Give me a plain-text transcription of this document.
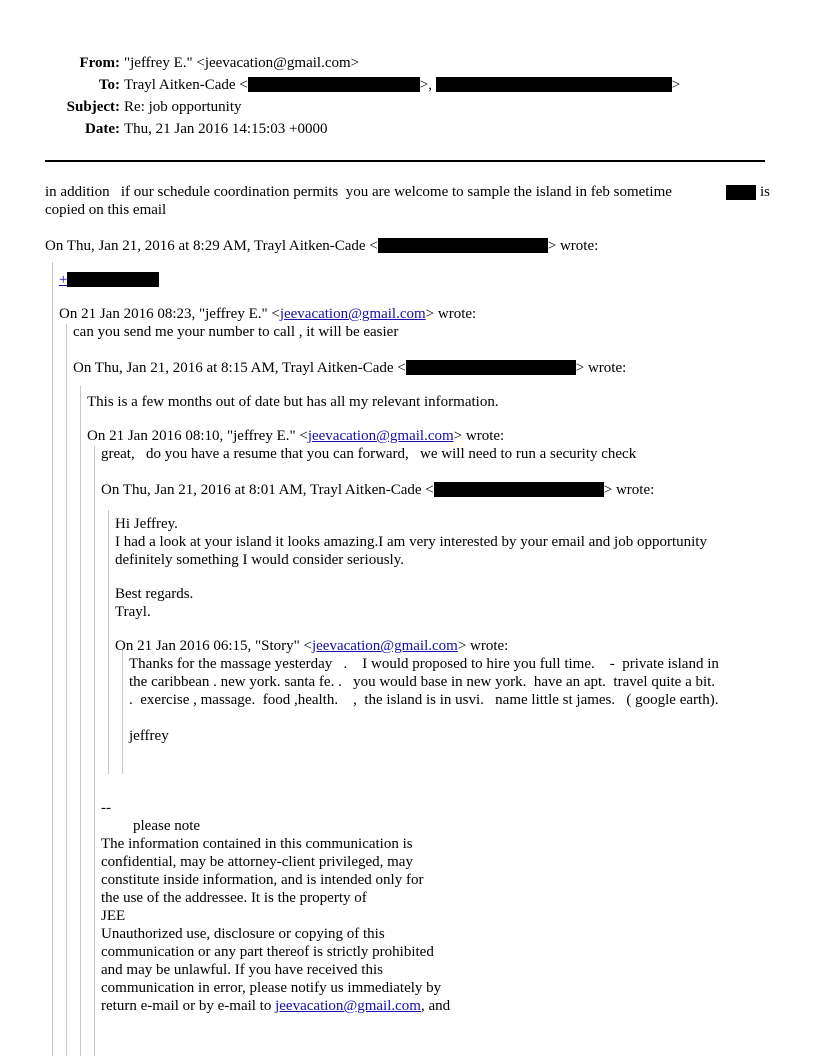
From: "jeffrey E." <jeevacation@gmail.com>
To: Trayl Aitken-Cade <	>,	>
Subject: Re: job opportunity
Date: Thu, 21 Jan 2016 14:15:03 +0000
in addition   if our schedule coordination permits  you are welcome to sample the island in feb sometime	is
copied on this email
On Thu, Jan 21, 2016 at 8:29 AM, Trayl Aitken-Cade <	> wrote:
+
On 21 Jan 2016 08:23, "jeffrey E." <jeevacation@gmail.com> wrote:
can you send me your number to call , it will be easier
On Thu, Jan 21, 2016 at 8:15 AM, Trayl Aitken-Cade <	> wrote:
This is a few months out of date but has all my relevant information.
On 21 Jan 2016 08:10, "jeffrey E." <jeevacation@gmail.com> wrote:
great,   do you have a resume that you can forward,   we will need to run a security check
On Thu, Jan 21, 2016 at 8:01 AM, Trayl Aitken-Cade <	> wrote:
Hi Jeffrey.
I had a look at your island it looks amazing.I am very interested by your email and job opportunity
definitely something I would consider seriously.
Best regards.
Trayl.
On 21 Jan 2016 06:15, "Story" <jeevacation@gmail.com> wrote:
Thanks for the massage yesterday   .    I would proposed to hire you full time.    -  private island in
the caribbean . new york. santa fe. .   you would base in new york.  have an apt.  travel quite a bit.
.  exercise , massage.  food ,health.    ,  the island is in usvi.   name little st james.   ( google earth).
jeffrey
--
please note
The information contained in this communication is
confidential, may be attorney-client privileged, may
constitute inside information, and is intended only for
the use of the addressee. It is the property of
JEE
Unauthorized use, disclosure or copying of this
communication or any part thereof is strictly prohibited
and may be unlawful. If you have received this
communication in error, please notify us immediately by
return e-mail or by e-mail to jeevacation@gmail.com, and
